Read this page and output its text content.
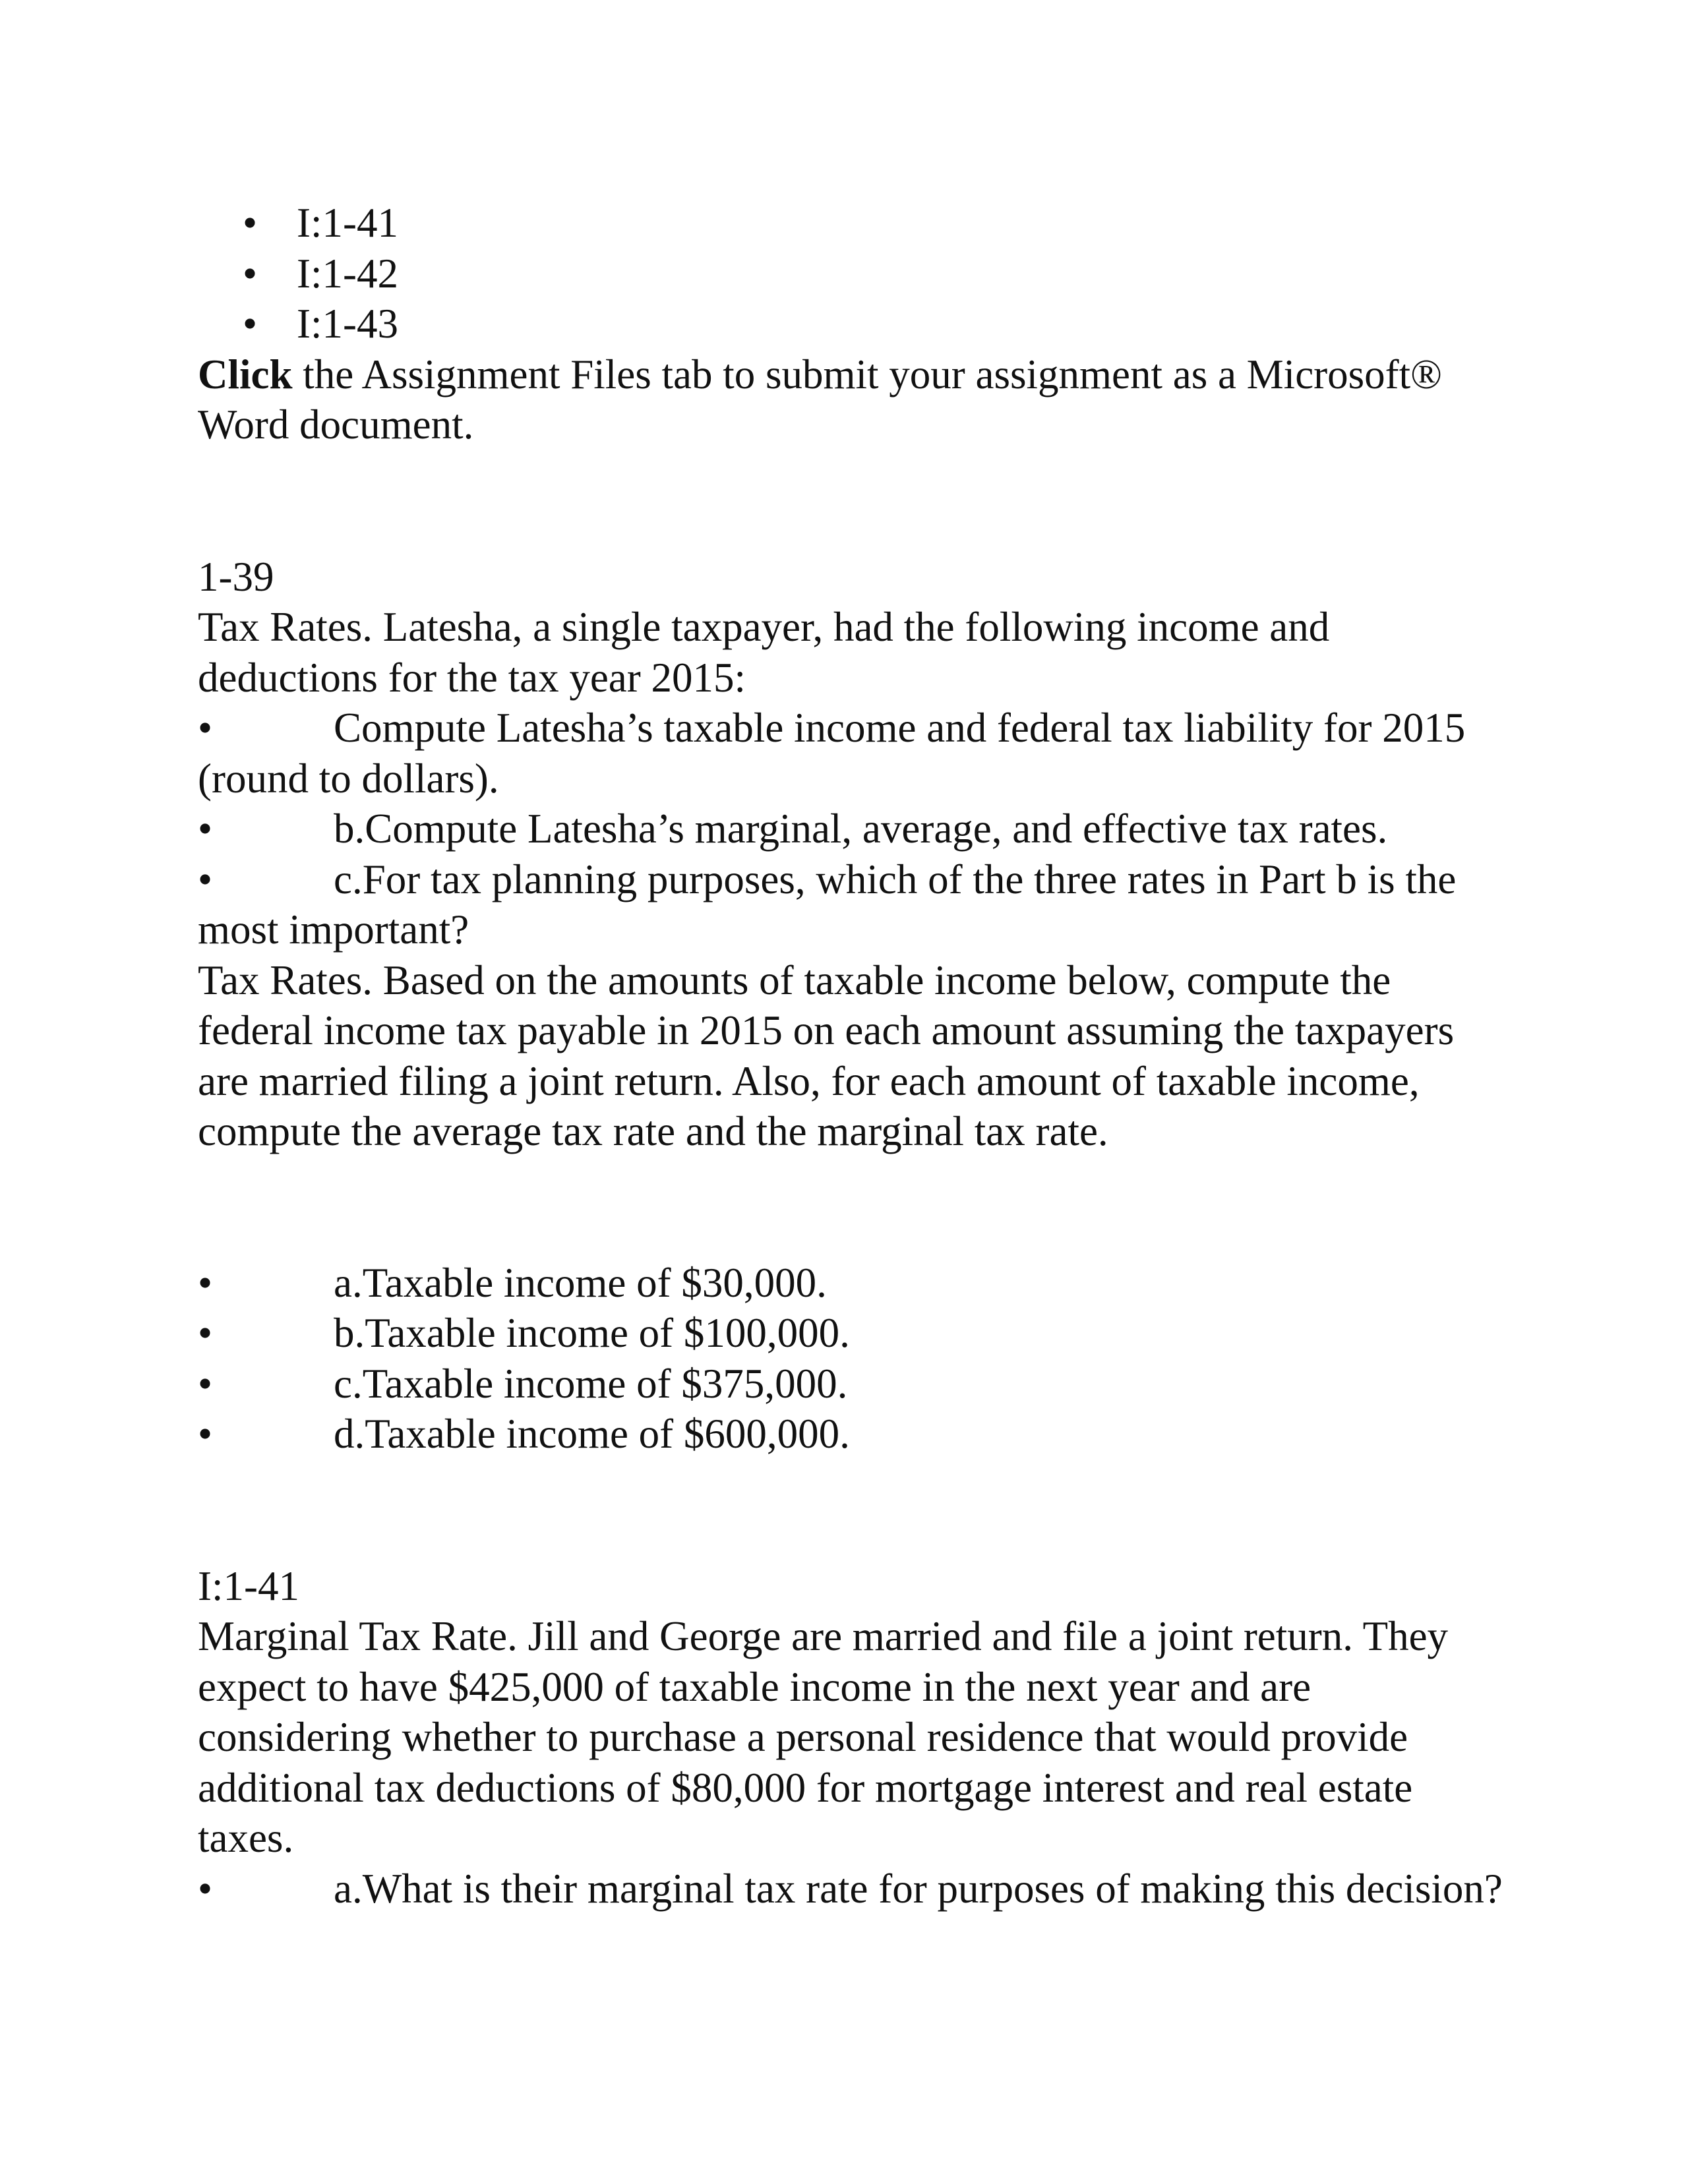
• I:1-41
• I:1-42
• I:1-43

Click the Assignment Files tab to submit your assignment as a Microsoft® Word document.

1-39

Tax Rates. Latesha, a single taxpayer, had the following income and deductions for the tax year 2015:

•	Compute Latesha’s taxable income and federal tax liability for 2015 (round to dollars).

•	b.Compute Latesha’s marginal, average, and effective tax rates.

•	c.For tax planning purposes, which of the three rates in Part b is the most important?

Tax Rates. Based on the amounts of taxable income below, compute the federal income tax payable in 2015 on each amount assuming the taxpayers are married filing a joint return. Also, for each amount of taxable income, compute the average tax rate and the marginal tax rate.

•	a.Taxable income of $30,000.
•	b.Taxable income of $100,000.
•	c.Taxable income of $375,000.
•	d.Taxable income of $600,000.

I:1-41

Marginal Tax Rate. Jill and George are married and file a joint return. They expect to have $425,000 of taxable income in the next year and are considering whether to purchase a personal residence that would provide additional tax deductions of $80,000 for mortgage interest and real estate taxes.

•	a.What is their marginal tax rate for purposes of making this decision?
